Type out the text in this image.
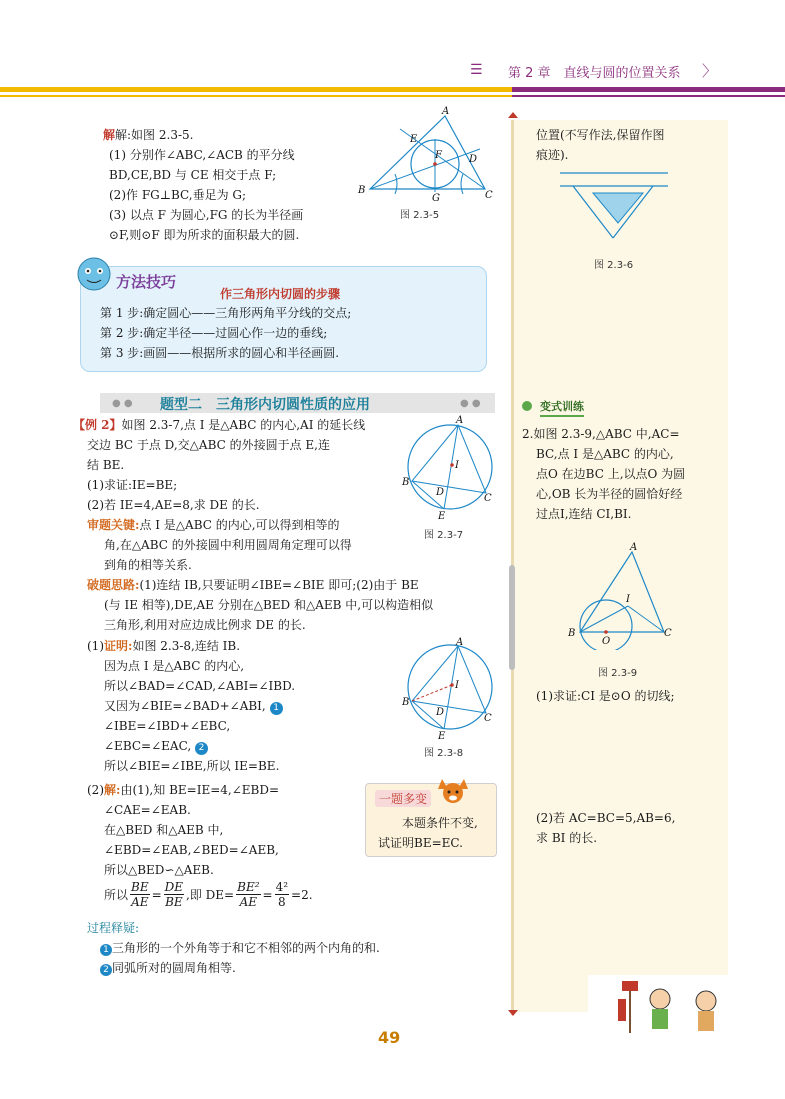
☰ 第 2 章　直线与圆的位置关系 〉
解解:如图 2.3-5.
(1) 分别作∠ABC,∠ACB 的平分线
BD,CE,BD 与 CE 相交于点 F;
(2)作 FG⊥BC,垂足为 G;
(3) 以点 F 为圆心,FG 的长为半径画
⊙F,则⊙F 即为所求的面积最大的圆.
A
E
F	D
B
G	C
图 2.3-5
位置(不写作法,保留作图
痕迹).
图 2.3-6
方法技巧
作三角形内切圆的步骤
第 1 步:确定圆心——三角形两角平分线的交点;
第 2 步:确定半径——过圆心作一边的垂线;
第 3 步:画圆——根据所求的圆心和半径画圆.
● ●	● ●
题型二　三角形内切圆性质的应用
【例 2】如图 2.3-7,点 I 是△ABC 的内心,AI 的延长线
交边 BC 于点 D,交△ABC 的外接圆于点 E,连
结 BE.
(1)求证:IE=BE;
(2)若 IE=4,AE=8,求 DE 的长.
审题关键:点 I 是△ABC 的内心,可以得到相等的
角,在△ABC 的外接圆中利用圆周角定理可以得
到角的相等关系.
破题思路:(1)连结 IB,只要证明∠IBE=∠BIE 即可;(2)由于 BE
(与 IE 相等),DE,AE 分别在△BED 和△AEB 中,可以构造相似
三角形,利用对应边成比例求 DE 的长.
A
I
B
D
C
E
图 2.3-7
(1)证明:如图 2.3-8,连结 IB.
因为点 I 是△ABC 的内心,
所以∠BAD=∠CAD,∠ABI=∠IBD.
又因为∠BIE=∠BAD+∠ABI, 1
∠IBE=∠IBD+∠EBC,
∠EBC=∠EAC, 2
所以∠BIE=∠IBE,所以 IE=BE.
A
I
B
D
C
E
图 2.3-8
(2)解:由(1),知 BE=IE=4,∠EBD=
∠CAE=∠EAB.
在△BED 和△AEB 中,
∠EBD=∠EAB,∠BED=∠AEB,
所以△BED∽△AEB.
所以 $\frac{BE}{AE} = \frac{DE}{BE}$ ,即 $DE= \frac{\text{BE²}}{AE} = \frac{\text{4²}}{8} =2$.
一题多变
本题条件不变,
试证明BE=EC.
过程释疑:
1 三角形的一个外角等于和它不相邻的两个内角的和.
2 同弧所对的圆周角相等.
变式训练
2.如图 2.3-9,△ABC 中,AC=
BC,点 I 是△ABC 的内心,
点O 在边BC 上,以点O 为圆
心,OB 长为半径的圆恰好经
过点I,连结 CI,BI.
A
I
B
O
C
图 2.3-9
(1)求证:CI 是⊙O 的切线;
(2)若 AC=BC=5,AB=6,
求 BI 的长.
49
